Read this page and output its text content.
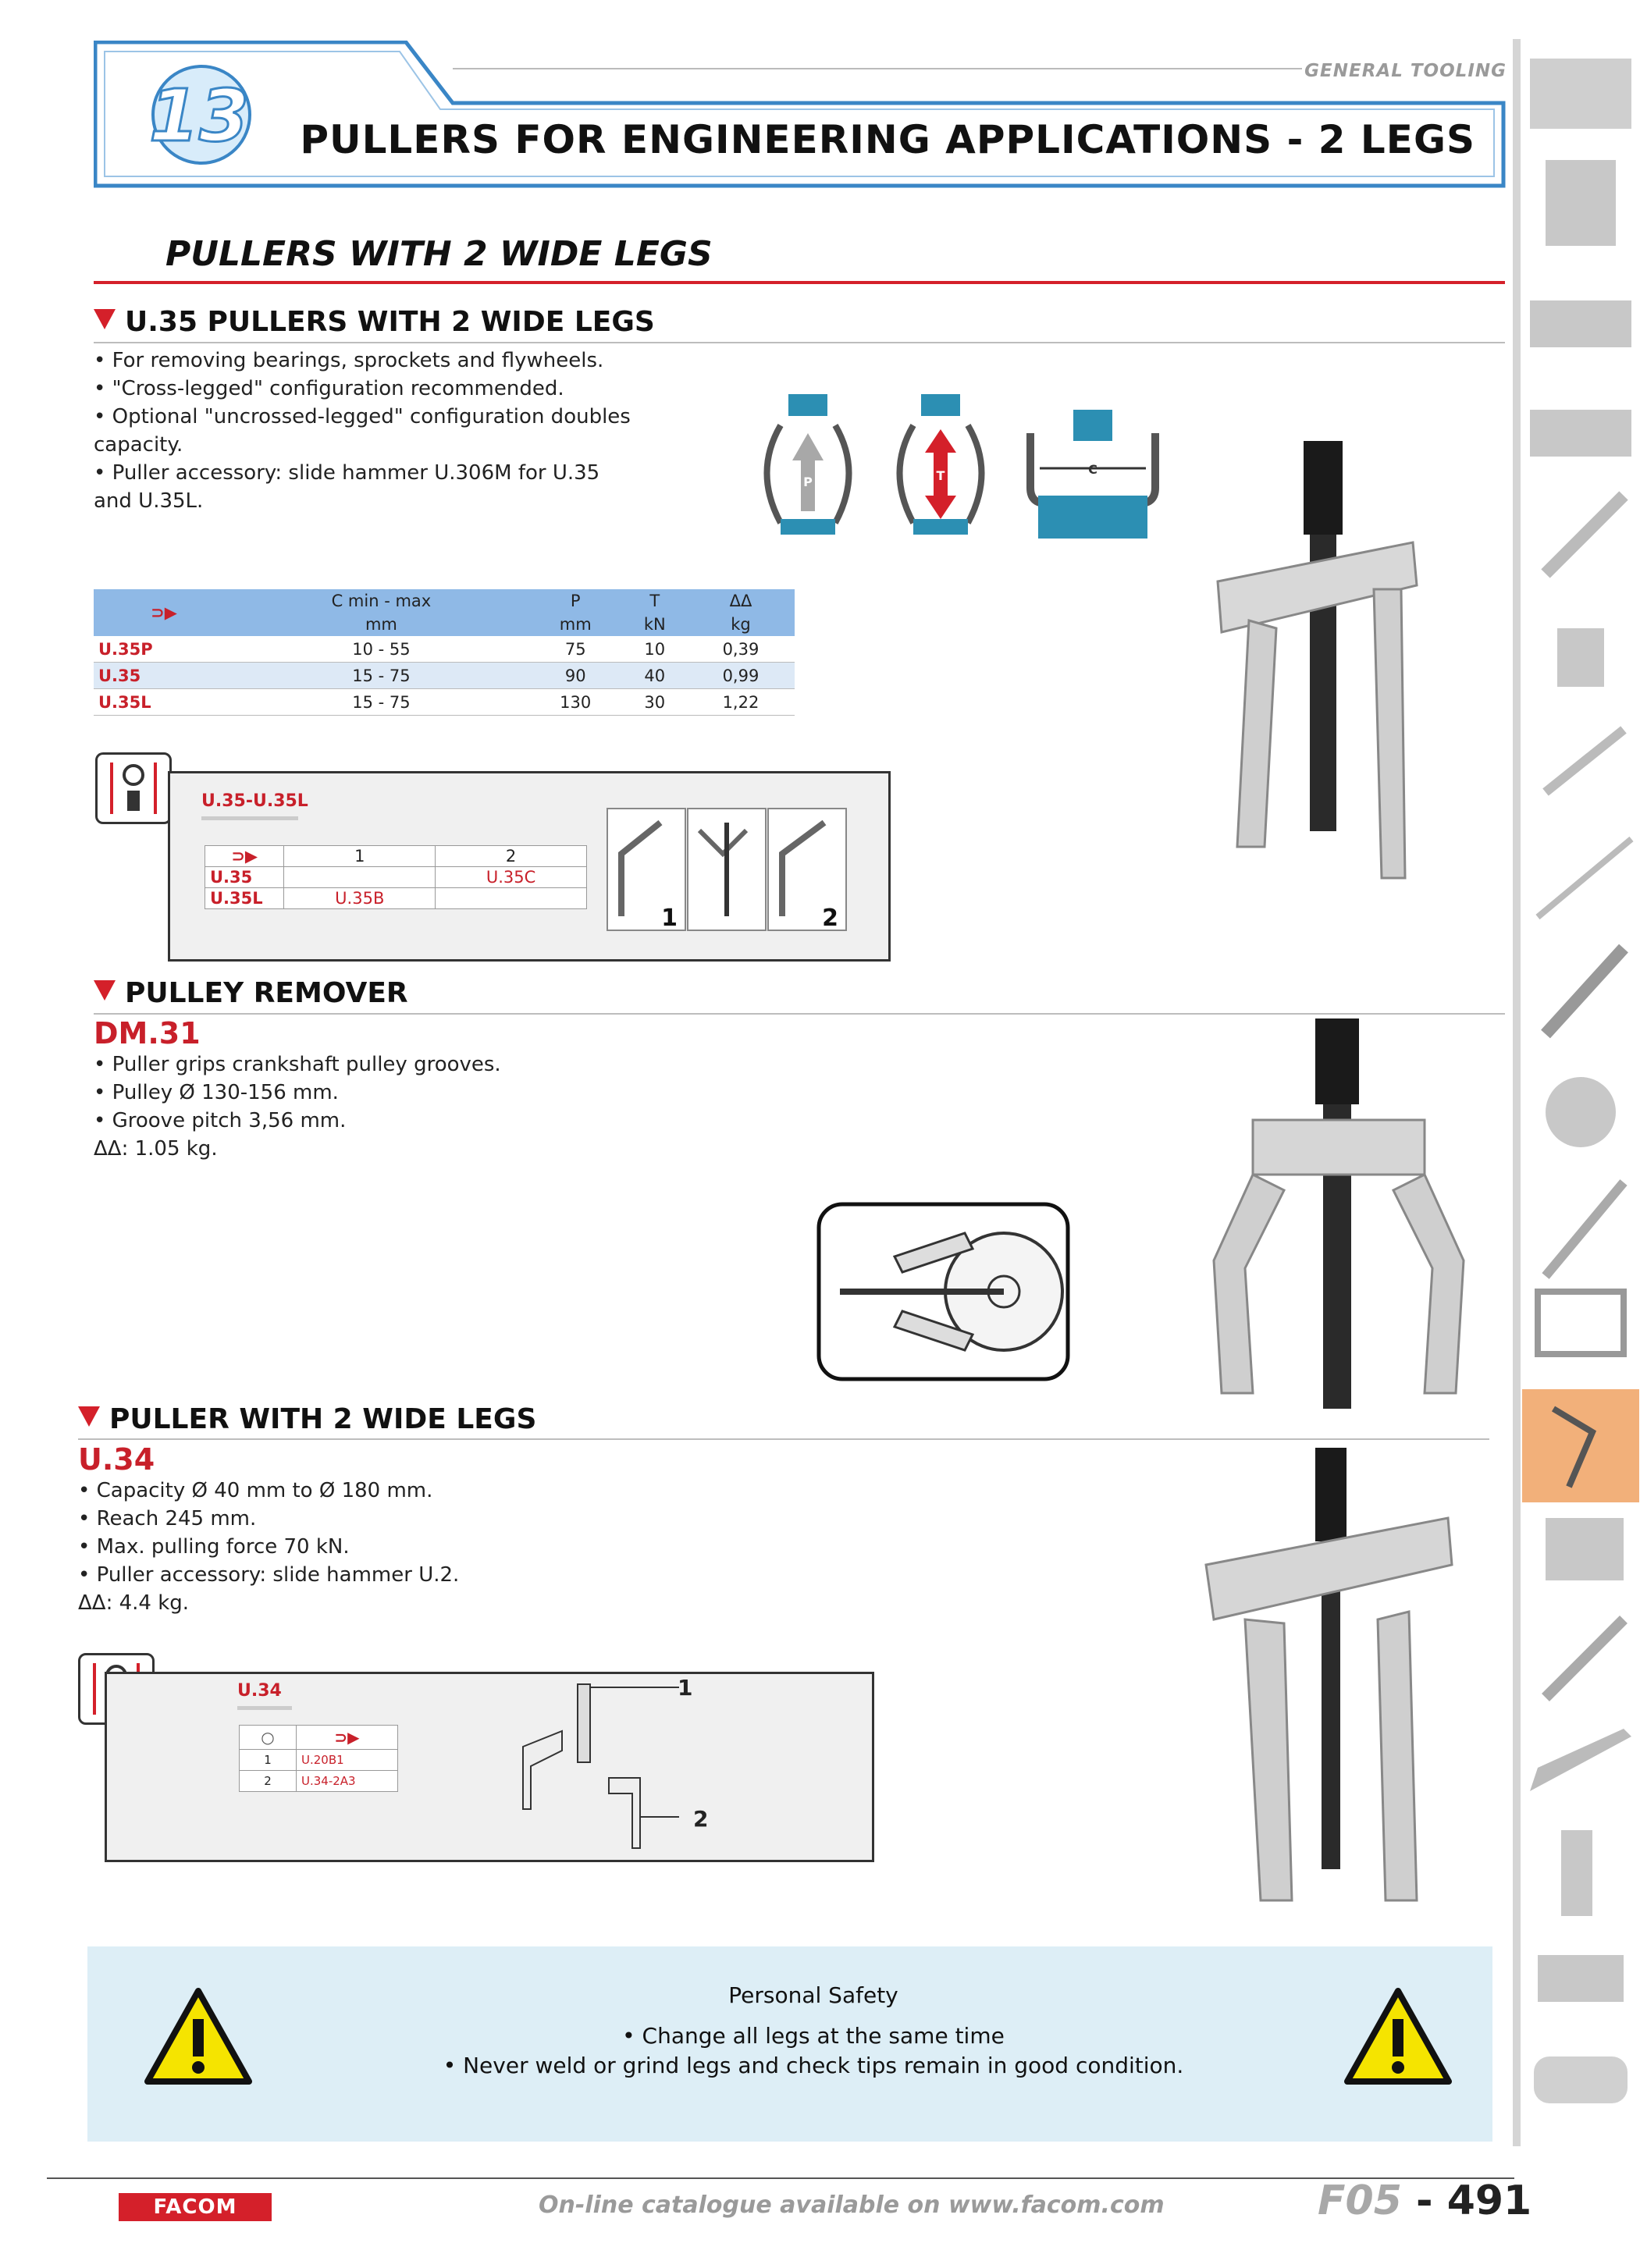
13
GENERAL TOOLING
PULLERS FOR ENGINEERING APPLICATIONS - 2 LEGS
PULLERS WITH 2 WIDE LEGS
U.35 PULLERS WITH 2 WIDE LEGS
• For removing bearings, sprockets and flywheels.
• "Cross-legged" configuration recommended.
• Optional "uncrossed-legged" configuration doubles
capacity.
• Puller accessory: slide hammer U.306M for U.35
and U.35L.
P	T	C
⊃▶	C min - max	P	T	ΔΔ
	mm	mm	kN	kg
U.35P	10 - 55	75	10	0,39
U.35	15 - 75	90	40	0,99
U.35L	15 - 75	130	30	1,22
U.35-U.35L
⊃▶	1	2
U.35		U.35C
U.35L	U.35B	
1	2
PULLEY REMOVER
DM.31
• Puller grips crankshaft pulley grooves.
• Pulley Ø 130-156 mm.
• Groove pitch 3,56 mm.
ΔΔ: 1.05 kg.
PULLER WITH 2 WIDE LEGS
U.34
• Capacity Ø 40 mm to Ø 180 mm.
• Reach 245 mm.
• Max. pulling force 70 kN.
• Puller accessory: slide hammer U.2.
ΔΔ: 4.4 kg.
U.34
○	⊃▶
1	U.20B1
2	U.34-2A3
1
2
Personal Safety
• Change all legs at the same time
• Never weld or grind legs and check tips remain in good condition.
FACOM	On-line catalogue available on www.facom.com	F05 - 491
